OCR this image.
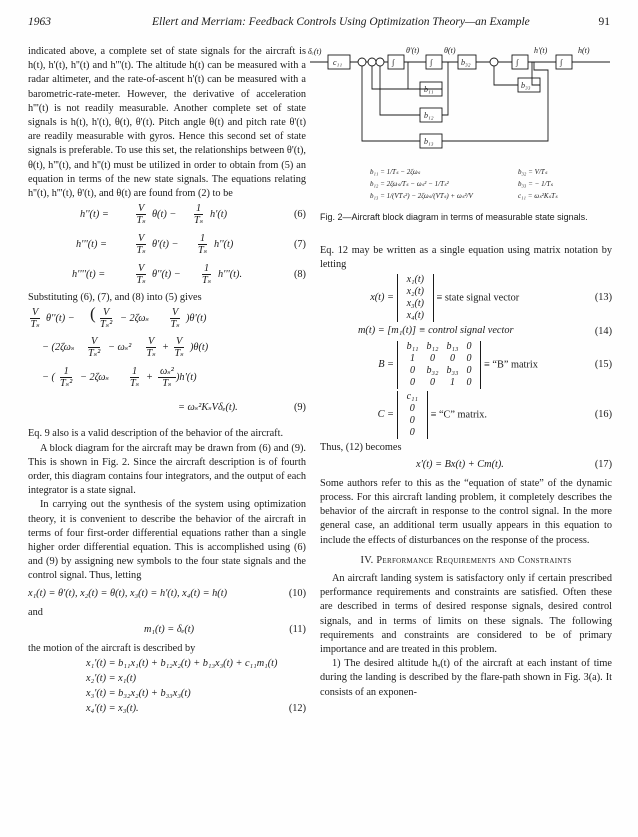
1963	Ellert and Merriam: Feedback Controls Using Optimization Theory—an Example	91

indicated above, a complete set of state signals for the aircraft is h(t), h'(t), h''(t) and h'''(t). The altitude h(t) can be measured with a radar altimeter, and the rate-of-ascent h'(t) can be measured with a barometric-rate-meter. However, the derivative of acceleration h'''(t) is not readily measurable. Another complete set of state signals is h(t), h'(t), θ(t), θ'(t). Pitch angle θ(t) and pitch rate θ'(t) are readily measurable with gyros. Hence this second set of state signals is preferable. To use this set, the relationships between θ'(t), θ(t), h'''(t), and h''(t) must be utilized in order to obtain from (5) an equation in terms of the new state signals. The equations relating h''(t), h'''(t), θ'(t), and θ(t) are found from (2) to be

h''(t) =	$\frac{V}{\text{Tₛ}} \theta(t) - \frac{1}{\text{Tₛ}} h'(t)$	(6)
h'''(t) =	$\frac{V}{\text{Tₛ}} \theta'(t) - \frac{1}{\text{Tₛ}} h''(t)$	(7)
h''''(t) =	$\frac{V}{\text{Tₛ}} \theta''(t) - \frac{1}{\text{Tₛ}} h'''(t)$.	(8)

Substituting (6), (7), and (8) into (5) gives

$\frac{V}{\text{Tₛ}} \theta''(t)$ − ( $\frac{V}{\text{Tₛ²}} - 2\zeta\omega_s \frac{V}{\text{Tₛ}} )\theta'(t)$
− $(2\zeta\omega_s \frac{V}{\text{Tₛ²}} - \omega_s^2 \frac{V}{\text{Tₛ}} + \frac{V}{\text{Tₛ}} )\theta(t)$
− ( $\frac{1}{\text{Tₛ²}} - 2\zeta\omega_s \frac{1}{\text{Tₛ}} + \frac{\text{ωₛ²}}{\text{Tₛ}} )h'(t)$
= ωₛ²KₛVδₑ(t).	(9)

Eq. 9 also is a valid description of the behavior of the aircraft.

A block diagram for the aircraft may be drawn from (6) and (9). This is shown in Fig. 2. Since the aircraft description is of fourth order, this diagram contains four integrators, and the output of each integrator is a state signal.

In carrying out the synthesis of the system using optimization theory, it is convenient to describe the behavior of the aircraft in terms of four first-order differential equations rather than a single higher order differential equation. This is accomplished using (6) and (9) by assigning new symbols to the four state signals and the control signal. Thus, letting

x₁(t) = θ'(t), x₂(t) = θ(t), x₃(t) = h'(t), x₄(t) = h(t)	(10)

and

m₁(t) = δₑ(t)	(11)

the motion of the aircraft is described by

x₁'(t) = b₁₁x₁(t) + b₁₂x₂(t) + b₁₃x₃(t) + c₁₁m₁(t)
x₂'(t) = x₁(t)
x₃'(t) = b₃₂x₂(t) + b₃₃x₃(t)
x₄'(t) = x₃(t).	(12)
δₑ(t)	θ'(t)	θ(t)	h'(t)	h(t)
c₁₁	∫	∫	b₃₂	∫	∫
b₁₁
b₁₂
b₁₃
b₃₃
b₁₁ = 1/Tₛ − 2ζωₛ
b₁₂ = 2ζωₛ/Tₛ − ωₛ² − 1/Tₛ²
b₁₃ = 1/(VTₛ²) − 2ζωₛ/(VTₛ) + ωₛ²/V
b₃₂ = V/Tₛ
b₃₃ = − 1/Tₛ
c₁₁ = ωₛ²KₛTₛ
Fig. 2—Aircraft block diagram in terms of measurable state signals.

Eq. 12 may be written as a single equation using matrix notation by letting

x(t) =
x₁(t)
x₂(t)
x₃(t)
x₄(t)
≡ state signal vector	(13)
m(t) = [m₁(t)] ≡ control signal vector	(14)
B =
b₁₁	b₁₂	b₁₃	0
1	0	0	0
0	b₃₂	b₃₃	0
0	0	1	0
≡ “B” matrix	(15)
C =
c₁₁
0
0
0
≡ “C” matrix.	(16)

Thus, (12) becomes

x'(t) = Bx(t) + Cm(t).	(17)

Some authors refer to this as the “equation of state” of the dynamic process. For this aircraft landing problem, it completely describes the behavior of the aircraft in response to the control signal. In the more general case, an additional term usually appears in this equation to include the effects of disturbances on the response of the process.

IV. Performance Requirements and Constraints

An aircraft landing system is satisfactory only if certain prescribed performance requirements and constraints are satisfied. Often these are described in terms of desired response signals, desired control signals, and in terms of limits on these signals. The following requirements and constraints are considered to be of primary importance and are treated in this problem.

1) The desired altitude hₐ(t) of the aircraft at each instant of time during the landing is described by the flare-path shown in Fig. 3(a). It consists of an exponen-
